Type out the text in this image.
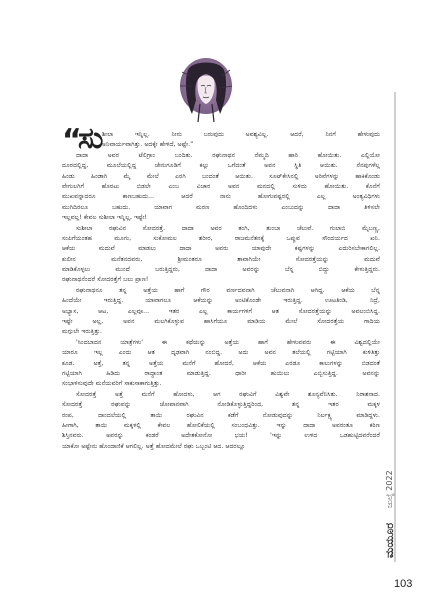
“
ಸು
ಶೀಲಾ ಇನ್ನಿಲ್ಲ. ನೀನು ಬರುವುದು ಅವಶ್ಯವಿಲ್ಲ. ಆದರೆ, ನಿನಗೆ ಹೇಳುವುದು
ಅನಿವಾರ್ಯವಾಗಿತ್ತು. ಅದಕ್ಕೇ ಹೇಳಿದೆ, ಅಷ್ಟೇ.”
ದಾದಾ ಅವರ ಟೆಲಿಗ್ರಾಂ ಬಂದಿತು. ರಘುನಾಥನ ನೆಮ್ಮದಿ ಹಾರಿ ಹೋಯಿತು. ಎಲ್ಲಿಯೋ
ದೂರದಲ್ಲಿದ್ದ, ಮೂಲೆಯಲ್ಲಿದ್ದ ಜೇನುಗೂಡಿಗೆ ಕಲ್ಲು ಒಗೆದಂತೆ ಅವನ ಸ್ಥಿತಿ ಆಯಿತು. ನೆನಪುಗಳೆಲ್ಲ
ಹಿಂಡು ಹಿಂಡಾಗಿ ಮೈ ಮೇಲೆ ಎರಗಿ ಬಂದಂತೆ ಆಯಿತು. ಸೂಟ್‌ಕೇಸಿನಲ್ಲಿ ಅರಿವೆಗಳನ್ನು ಹಾಕಿಕೊಂಡು
ವೇಗುಲಗಿಗೆ ಹೊರಟು ಬಿಡಲೇ ಎಂಬ ವಿಚಾರ ಅವನ ಮನದಲ್ಲಿ ಸುಳಿದು ಹೋಯಿತು. ಕೊನೆಗೆ
ಮುಖವನ್ನಾದರೂ ಕಾಣಬಹುದು... ಆದರೆ ನಾನು ಹೋಗುವಷ್ಟರಲ್ಲಿ ಎಲ್ಲ ಅಂತ್ಯವಿಧಿಗಳು
ಮುಗಿದಿರಲೂ ಬಹುದು. ಯಾವಾಗ ಮರಣ ಹೊಂದಿದಳು ಎಂಬುದನ್ನು ದಾದಾ ತಿಳಿಸಲೇ
ಇಲ್ಲವಲ್ಲ! ಕೇವಲ ಸುಶೀಲಾ ಇನ್ನಿಲ್ಲ, ಇಷ್ಟೇ!
ಸುಶೀಲಾ ರಘುವಿನ ಸೋದರತ್ತೆ. ದಾದಾ ಅವರ ತಂಗಿ, ತುಂಬಾ ಚೆಲುವೆ. ಗುಲಾಬಿ ಮೈಬಣ್ಣ,
ಸಂಪಿಗೆಯಂತಹ ಮೂಗು, ಸುಕೋಮಲ ಶರೀರ, ರಾಜಮನೆತನಕ್ಕೆ ಒಪ್ಪುವ ಸೌಂದರ್ಯದ ಖನಿ.
ಆಕೆಯ ಮದುವೆ ಮಾಡಲು ದಾದಾ ಅವರು ಯಾವುದೇ ಕಷ್ಟಗಳನ್ನು ಎದುರಿಸಬೇಕಾಗಲಿಲ್ಲ.
ಕುಲೀನ ಮನೆತನದವರು, ಶ್ರೀಮಂತರೂ ತಾವಾಗಿಯೇ ಸೋದರತ್ತೆಯನ್ನು ಮದುವೆ
ಮಾಡಿಕೊಳ್ಳಲು ಮುಂದೆ ಬರುತ್ತಿದ್ದರು, ದಾದಾ ಅವರನ್ನು ಬೆನ್ನ ಬಿದ್ದು ಕೇಳುತ್ತಿದ್ದರು.
ರಘುನಾಥನೆಂದರೆ ಸೋದರತ್ತೆಗೆ ಬಲು ಪ್ರಾಣ!
ರಘುನಾಥನೂ ತನ್ನ ಅತ್ತೆಯ ಹಾಗೆ ಗೌರ ವರ್ಣದವನಾಗಿ ಚೆಲುವನಾಗಿ ಆಗಿದ್ದ. ಆಕೆಯ ಬೆನ್ನ
ಹಿಂದೆಯೇ ಇರುತ್ತಿದ್ದ. ಯಾವಾಗಲೂ ಆಕೆಯನ್ನು ಅಂಟಿಕೊಂಡೇ ಇರುತ್ತಿದ್ದ. ಊಟತಿಂಡಿ, ನಿದ್ರೆ,
ಅಭ್ಯಾಸ, ಆಟ, ಎಲ್ಲವೂ... ಇತರ ಎಲ್ಲ ಕಾರ್ಯಗಳಿಗೆ ಆತ ಸೋದರತ್ತೆಯನ್ನು ಅವಲಂಬಿಸಿದ್ದ.
ಇಷ್ಟೇ ಅಲ್ಲ, ಅವನ ಮಲಗಿಕೊಳ್ಳುವ ಹಾಸಿಗೆಯೂ ಮಾಡಿಯ ಮೇಲೆ ಸೋದರತ್ತೆಯ ಗಾದಿಯ
ಮಗ್ಗುಲೇ ಇರುತ್ತಿತ್ತು.
'ಸಿಂದಬಾದನ ಯಾತ್ರೆಗಳು' ಈ ಕಥೆಯನ್ನು ಅತ್ತೆಯ ಹಾಗೆ ಹೇಳುವವರು ಈ ವಿಶ್ವದಲ್ಲಿಯೇ
ಯಾರೂ ಇಲ್ಲ ಎಂದು ಆತ ದೃಢವಾಗಿ ನಂಬಿದ್ದ. ಅದು ಅವನ ತಲೆಯಲ್ಲಿ ಗಟ್ಟಿಯಾಗಿ ಕುಳಿತಿತ್ತು
ಕೂಡ. ಅತ್ತೆ, ತನ್ನ ಅತ್ತೆಯ ಮನೆಗೆ ಹೋದರೆ, ಆಕೆಯ ಎರಡೂ ಕಾಲುಗಳನ್ನು ಬಿಡದಂತೆ
ಗಟ್ಟಿಯಾಗಿ ಹಿಡಿದು ರಾದ್ಧಾಂತ ಮಾಡುತ್ತಿದ್ದ. ಧಾರೀ ಹುಯಿಲು ಎಬ್ಬಿಸುತ್ತಿದ್ದ. ಅವನನ್ನು
ಸಂಭಾಳಿಸುವುದೇ ಮನೆಯವರಿಗೆ ಸಾಕುಸಾಕಾಗುತ್ತಿತ್ತು.
ಸೋದರತ್ತೆ ಅತ್ತೆ ಮನೆಗೆ ಹೋದಳು, ಆಗ ರಘುವಿಗೆ ವಿಶ್ವವೇ ಶೂನ್ಯವೆನಿಸಿತು. ನಿರಾಶನಾದ.
ಸೋದರತ್ತೆ ರಘುವನ್ನು ಜೋಪಾನವಾಗಿ ನೋಡಿಕೊಳ್ಳುತ್ತಿದ್ದರಿಂದ, ತನ್ನ ಇತರ ಮಕ್ಕಳ
ರಂಪ, ದಾಂದಲೆಯಲ್ಲಿ ತಾಯಿ ರಘುವಿನ ಕಡೆಗೆ ನೋಡುವುದನ್ನು ನಿರ್ಲಕ್ಷ್ಯ ಮಾಡಿದ್ದಳು.
ಹೀಗಾಗಿ, ತಾಯಿ ಮಕ್ಕಳಲ್ಲಿ ಕೇವಲ ಹೋಲಿಕೆಯಲ್ಲಿ ಸಂಬಂಧವಿತ್ತು. ಇನ್ನು ದಾದಾ ಅವರಂತೂ ಕಠಿಣ
ಶಿಸ್ತಿನವರು. ಅವರನ್ನು ಕಂಡರೆ ಅದೇತಕೋನೋ ಭಯ! 'ಇನ್ನು ಉಳಿದ ಒಡಹುಟ್ಟಿದವರೆಂದರೆ
ಯಾಕೋ ಅಷ್ಟೇನು ಹೊಂದಾಣಿಕೆ ಆಗಲಿಲ್ಲ. ಅತ್ತೆ ಹೋದಮೇಲೆ ರಘು ಒಬ್ಬಂಟಿ ಆದ. ಆದರಲ್ಲೂ
ಜುಲೈ 2022
ಮಯೂರ
103
